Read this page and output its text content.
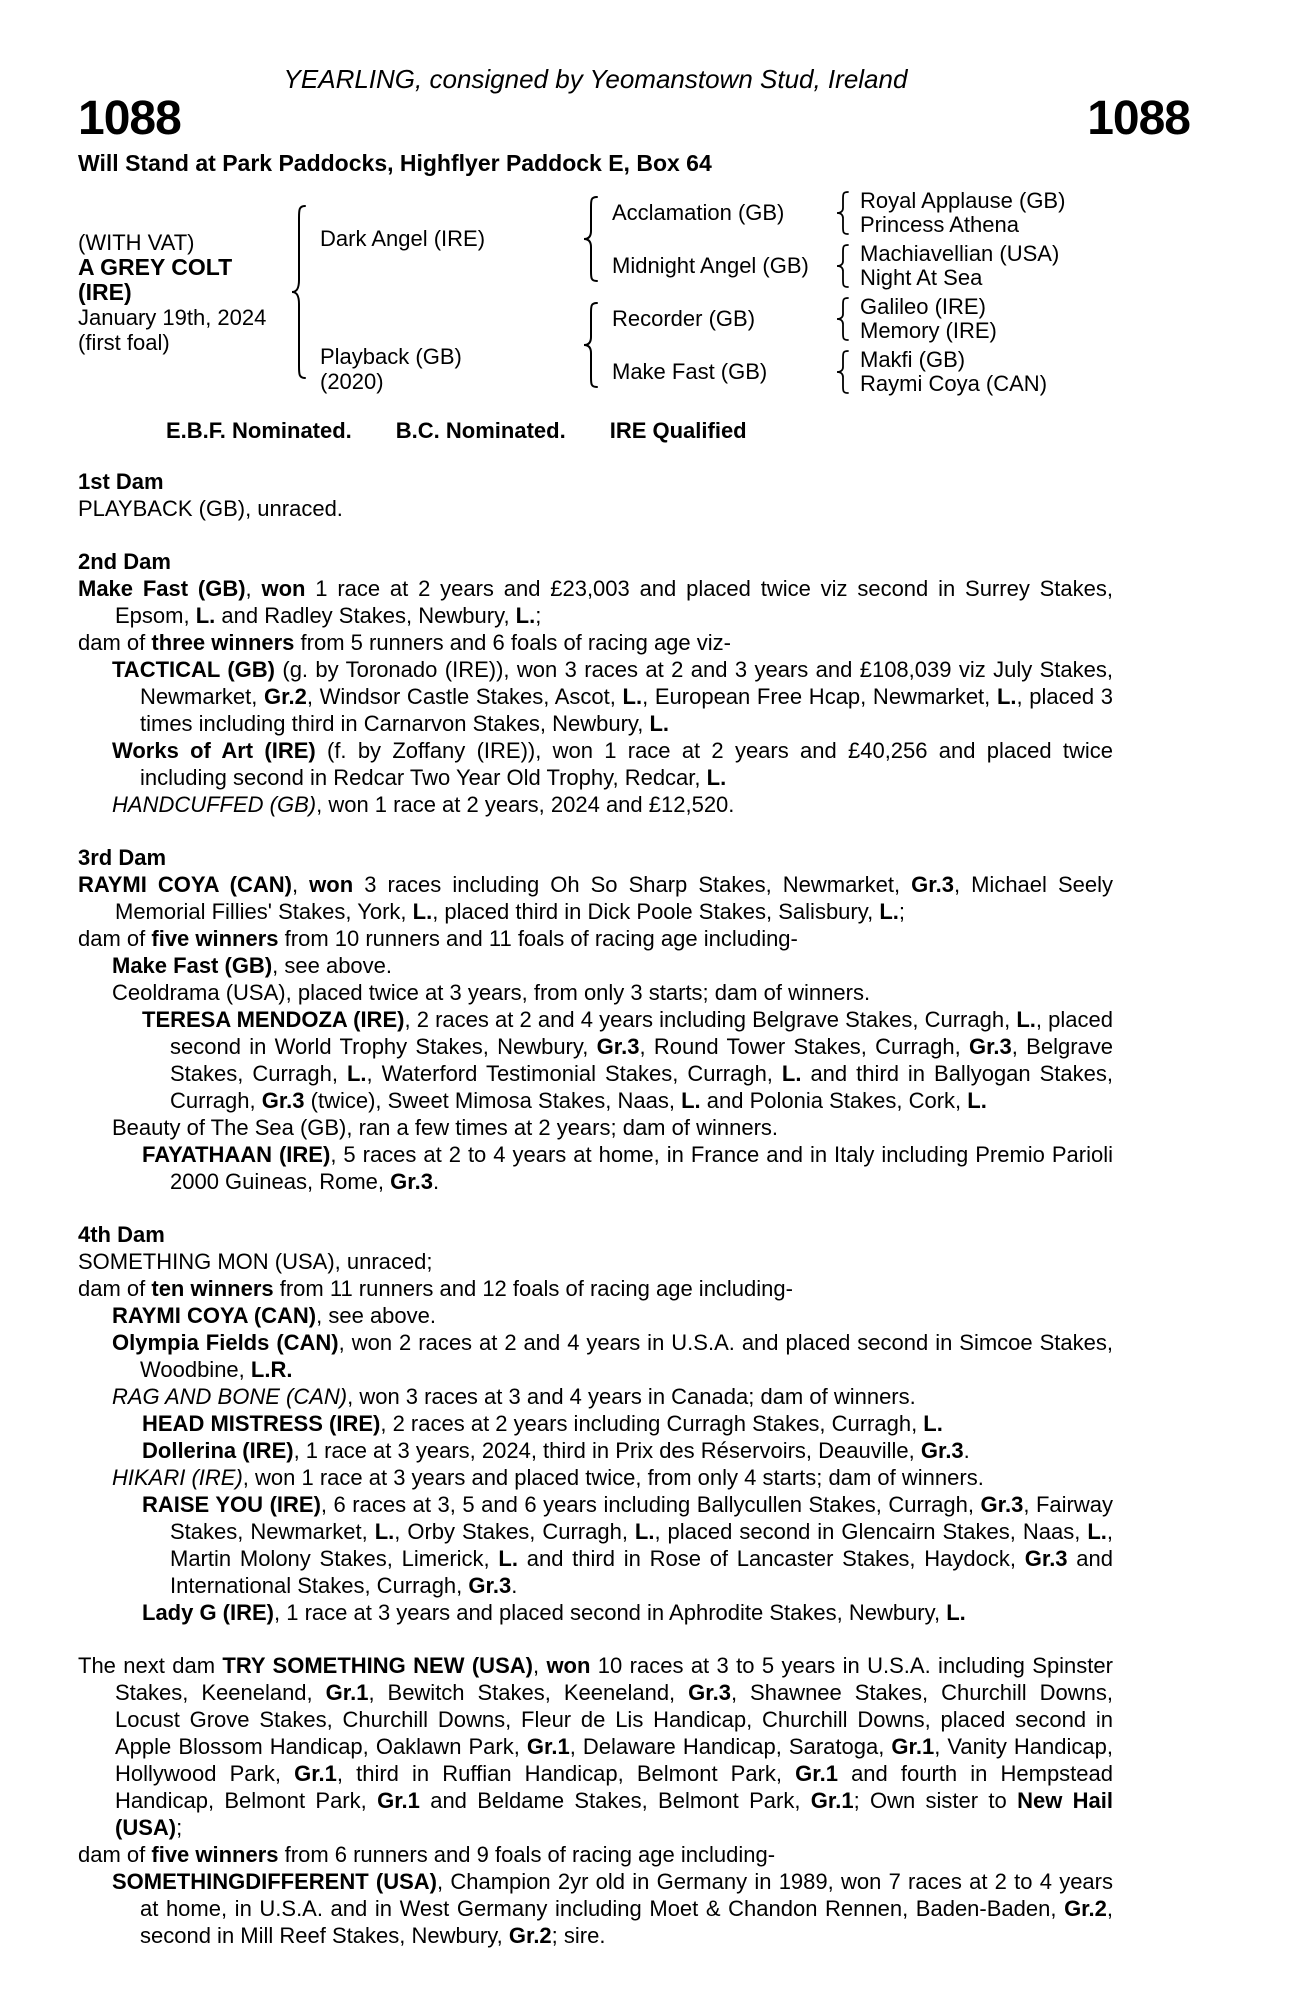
YEARLING, consigned by Yeomanstown Stud, Ireland
1088	1088
Will Stand at Park Paddocks, Highflyer Paddock E, Box 64
(WITH VAT)
A GREY COLT (IRE)
January 19th, 2024
(first foal)
Dark Angel (IRE)
Playback (GB)
(2020)
Acclamation (GB)
Midnight Angel (GB)
Recorder (GB)
Make Fast (GB)
Royal Applause (GB)
Princess Athena
Machiavellian (USA)
Night At Sea
Galileo (IRE)
Memory (IRE)
Makfi (GB)
Raymi Coya (CAN)
E.B.F. Nominated. B.C. Nominated. IRE Qualified
1st Dam

PLAYBACK (GB), unraced.

2nd Dam

Make Fast (GB), won 1 race at 2 years and £23,003 and placed twice viz second in Surrey Stakes, Epsom, L. and Radley Stakes, Newbury, L.;

dam of three winners from 5 runners and 6 foals of racing age viz-

TACTICAL (GB) (g. by Toronado (IRE)), won 3 races at 2 and 3 years and £108,039 viz July Stakes, Newmarket, Gr.2, Windsor Castle Stakes, Ascot, L., European Free Hcap, Newmarket, L., placed 3 times including third in Carnarvon Stakes, Newbury, L.

Works of Art (IRE) (f. by Zoffany (IRE)), won 1 race at 2 years and £40,256 and placed twice including second in Redcar Two Year Old Trophy, Redcar, L.

HANDCUFFED (GB), won 1 race at 2 years, 2024 and £12,520.

3rd Dam

RAYMI COYA (CAN), won 3 races including Oh So Sharp Stakes, Newmarket, Gr.3, Michael Seely Memorial Fillies' Stakes, York, L., placed third in Dick Poole Stakes, Salisbury, L.;

dam of five winners from 10 runners and 11 foals of racing age including-

Make Fast (GB), see above.

Ceoldrama (USA), placed twice at 3 years, from only 3 starts; dam of winners.

TERESA MENDOZA (IRE), 2 races at 2 and 4 years including Belgrave Stakes, Curragh, L., placed second in World Trophy Stakes, Newbury, Gr.3, Round Tower Stakes, Curragh, Gr.3, Belgrave Stakes, Curragh, L., Waterford Testimonial Stakes, Curragh, L. and third in Ballyogan Stakes, Curragh, Gr.3 (twice), Sweet Mimosa Stakes, Naas, L. and Polonia Stakes, Cork, L.

Beauty of The Sea (GB), ran a few times at 2 years; dam of winners.

FAYATHAAN (IRE), 5 races at 2 to 4 years at home, in France and in Italy including Premio Parioli 2000 Guineas, Rome, Gr.3.

4th Dam

SOMETHING MON (USA), unraced;

dam of ten winners from 11 runners and 12 foals of racing age including-

RAYMI COYA (CAN), see above.

Olympia Fields (CAN), won 2 races at 2 and 4 years in U.S.A. and placed second in Simcoe Stakes, Woodbine, L.R.

RAG AND BONE (CAN), won 3 races at 3 and 4 years in Canada; dam of winners.

HEAD MISTRESS (IRE), 2 races at 2 years including Curragh Stakes, Curragh, L.

Dollerina (IRE), 1 race at 3 years, 2024, third in Prix des Réservoirs, Deauville, Gr.3.

HIKARI (IRE), won 1 race at 3 years and placed twice, from only 4 starts; dam of winners.

RAISE YOU (IRE), 6 races at 3, 5 and 6 years including Ballycullen Stakes, Curragh, Gr.3, Fairway Stakes, Newmarket, L., Orby Stakes, Curragh, L., placed second in Glencairn Stakes, Naas, L., Martin Molony Stakes, Limerick, L. and third in Rose of Lancaster Stakes, Haydock, Gr.3 and International Stakes, Curragh, Gr.3.

Lady G (IRE), 1 race at 3 years and placed second in Aphrodite Stakes, Newbury, L.

The next dam TRY SOMETHING NEW (USA), won 10 races at 3 to 5 years in U.S.A. including Spinster Stakes, Keeneland, Gr.1, Bewitch Stakes, Keeneland, Gr.3, Shawnee Stakes, Churchill Downs, Locust Grove Stakes, Churchill Downs, Fleur de Lis Handicap, Churchill Downs, placed second in Apple Blossom Handicap, Oaklawn Park, Gr.1, Delaware Handicap, Saratoga, Gr.1, Vanity Handicap, Hollywood Park, Gr.1, third in Ruffian Handicap, Belmont Park, Gr.1 and fourth in Hempstead Handicap, Belmont Park, Gr.1 and Beldame Stakes, Belmont Park, Gr.1; Own sister to New Hail (USA);

dam of five winners from 6 runners and 9 foals of racing age including-

SOMETHINGDIFFERENT (USA), Champion 2yr old in Germany in 1989, won 7 races at 2 to 4 years at home, in U.S.A. and in West Germany including Moet & Chandon Rennen, Baden-Baden, Gr.2, second in Mill Reef Stakes, Newbury, Gr.2; sire.
